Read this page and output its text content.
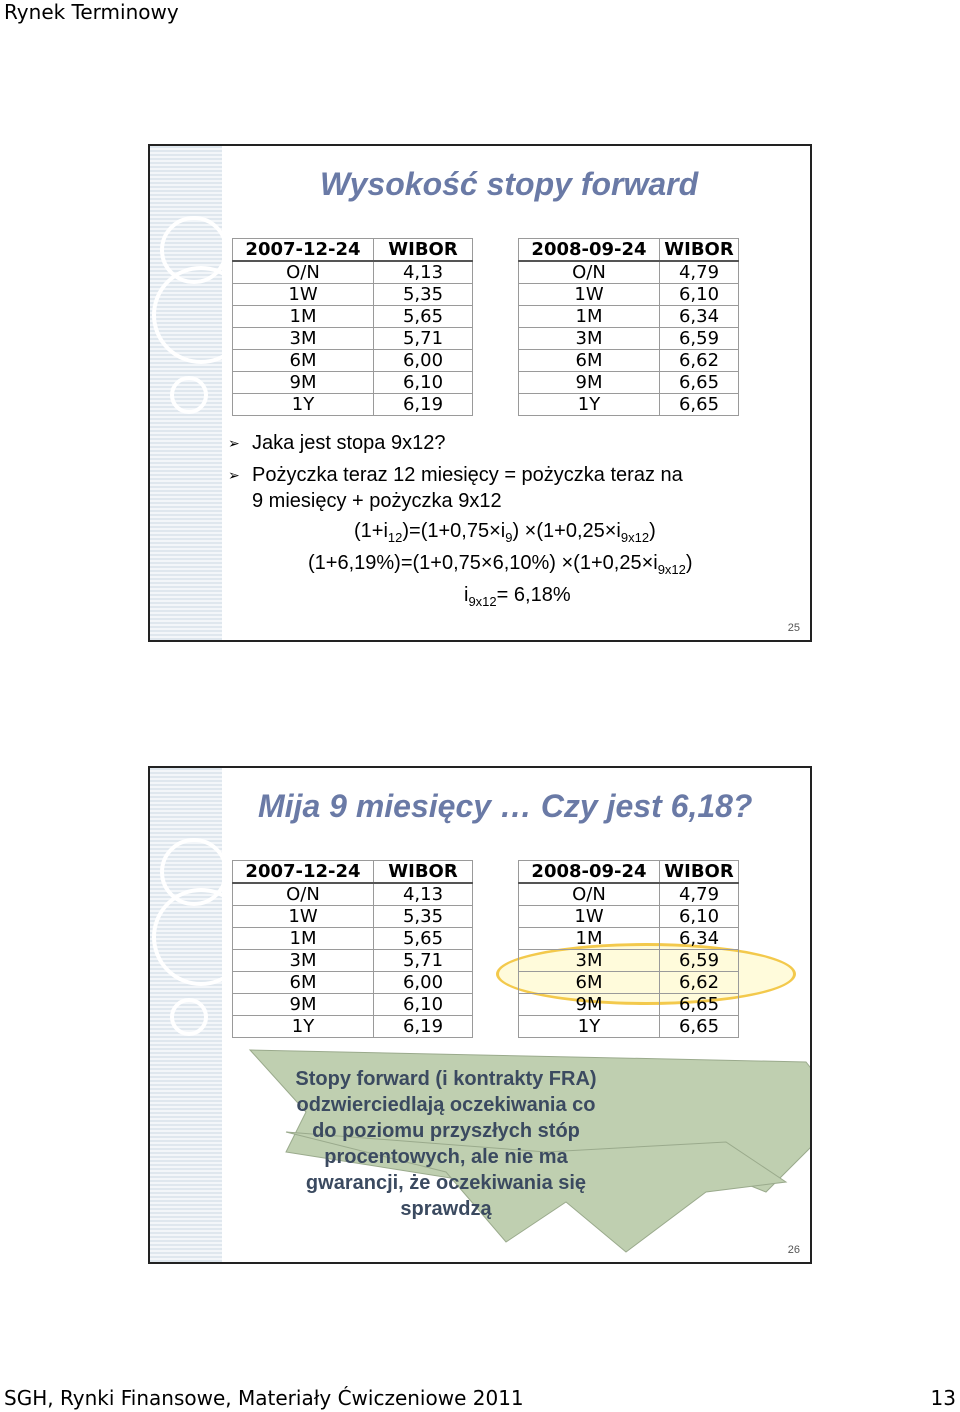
Rynek Terminowy
Wysokość stopy forward
2007-12-24	WIBOR
O/N	4,13
1W	5,35
1M	5,65
3M	5,71
6M	6,00
9M	6,10
1Y	6,19
2008-09-24	WIBOR
O/N	4,79
1W	6,10
1M	6,34
3M	6,59
6M	6,62
9M	6,65
1Y	6,65
➢ Jaka jest stopa 9x12?
➢ Pożyczka teraz 12 miesięcy = pożyczka teraz na
9 miesięcy + pożyczka 9x12
$(1+i_{12})=(1+0,75\times i_9) \times(1+0,25\times i_{9x12})$
$(1+6,19\%)=(1+0,75\times 6,10\%) \times(1+0,25\times i_{9x12})$
$i_{9x12}= 6,18\%$
25
Mija 9 miesięcy … Czy jest 6,18?
2007-12-24	WIBOR
O/N	4,13
1W	5,35
1M	5,65
3M	5,71
6M	6,00
9M	6,10
1Y	6,19
2008-09-24	WIBOR
O/N	4,79
1W	6,10
1M	6,34
3M	6,59
6M	6,62
9M	6,65
1Y	6,65
Stopy forward (i kontrakty FRA)
odzwierciedlają oczekiwania co
do poziomu przyszłych stóp
procentowych, ale nie ma
gwarancji, że oczekiwania się
sprawdzą
26
SGH, Rynki Finansowe, Materiały Ćwiczeniowe 2011	13
